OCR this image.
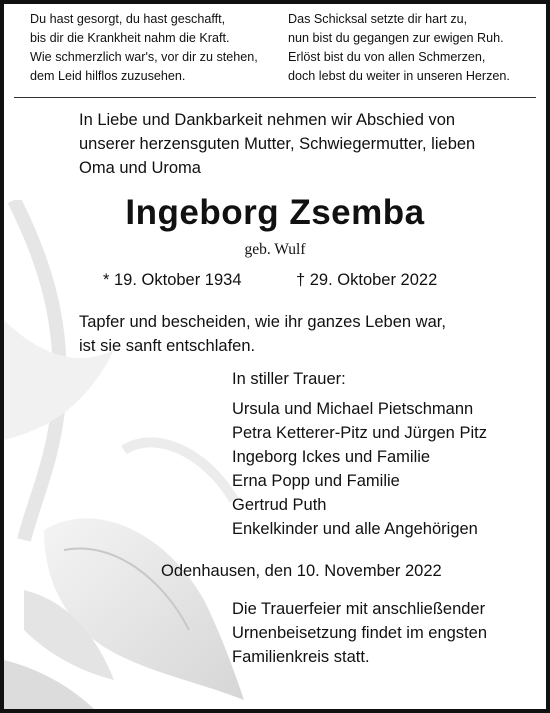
Du hast gesorgt, du hast geschafft,
bis dir die Krankheit nahm die Kraft.
Wie schmerzlich war's, vor dir zu stehen,
dem Leid hilflos zuzusehen.
Das Schicksal setzte dir hart zu,
nun bist du gegangen zur ewigen Ruh.
Erlöst bist du von allen Schmerzen,
doch lebst du weiter in unseren Herzen.
In Liebe und Dankbarkeit nehmen wir Abschied von
unserer herzensguten Mutter, Schwiegermutter, lieben
Oma und Uroma
Ingeborg Zsemba
geb. Wulf
* 19. Oktober 1934	† 29. Oktober 2022
Tapfer und bescheiden, wie ihr ganzes Leben war,
ist sie sanft entschlafen.
In stiller Trauer:
Ursula und Michael Pietschmann
Petra Ketterer-Pitz und Jürgen Pitz
Ingeborg Ickes und Familie
Erna Popp und Familie
Gertrud Puth
Enkelkinder und alle Angehörigen
Odenhausen, den 10. November 2022
Die Trauerfeier mit anschließender
Urnenbeisetzung findet im engsten
Familienkreis statt.
